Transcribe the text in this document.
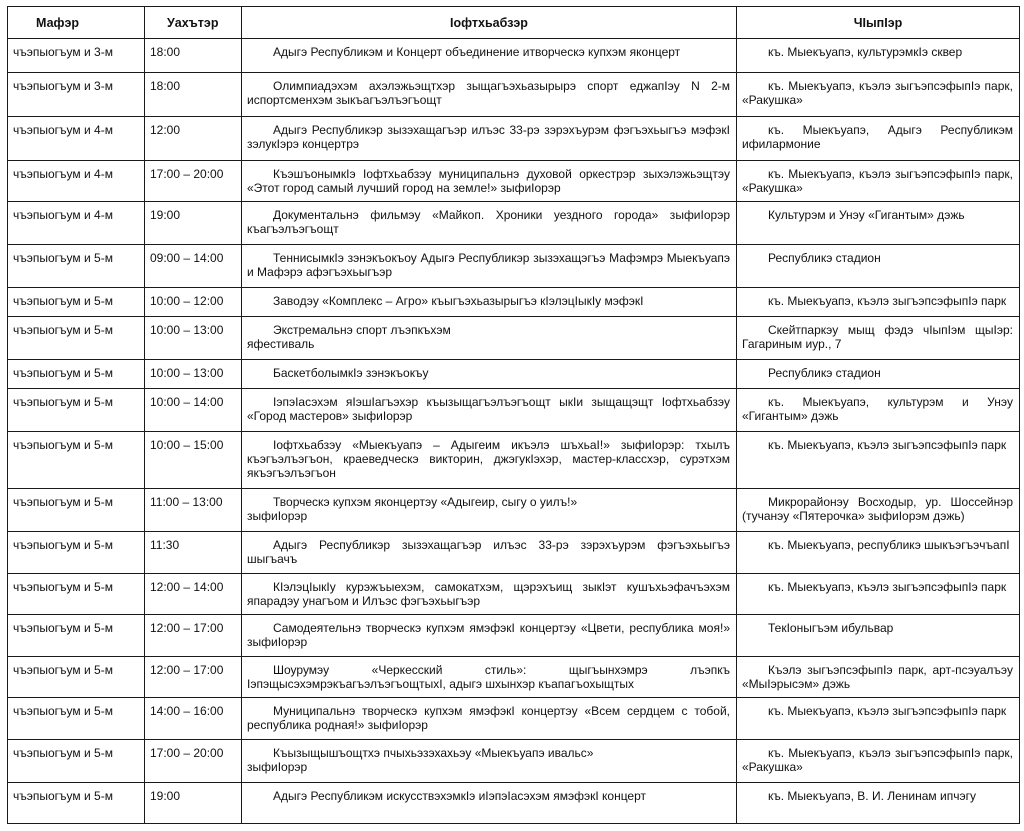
Мафэр	Уахътэр	Iофтхьабзэр	ЧIыпIэр
чъэпыогъум и 3-м	18:00	Адыгэ Республикэм и Концерт объединение итворческэ купхэм яконцерт	къ. Мыекъуапэ, культурэмкIэ сквер

чъэпыогъум и 3-м	18:00	Олимпиадэхэм ахэлэжьэщтхэр зыщагъэхьазырырэ спорт еджапIэу N 2-м испортсменхэм зыкъагъэлъэгъощт	къ. Мыекъуапэ, къэлэ зыгъэпсэфыпIэ парк, «Ракушка»

чъэпыогъум и 4-м	12:00	Адыгэ Республикэр зызэхащагъэр илъэс 33-рэ зэрэхъурэм фэгъэхьыгъэ мэфэкI зэлукIэрэ концертрэ	къ. Мыекъуапэ, Адыгэ Республикэм ифилармоние

чъэпыогъум и 4-м	17:00 – 20:00	КъэшъонымкIэ Iофтхьабзэу муниципальнэ духовой оркестрэр зыхэлэжьэщтэу «Этот город самый лучший город на земле!» зыфиIорэр	къ. Мыекъуапэ, къэлэ зыгъэпсэфыпIэ парк, «Ракушка»

чъэпыогъум и 4-м	19:00	Документальнэ фильмэу «Майкоп. Хроники уездного города» зыфиIорэр къагъэлъэгъощт	Культурэм и Унэу «Гигантым» дэжь

чъэпыогъум и 5-м	09:00 – 14:00	ТеннисымкIэ зэнэкъокъоу Адыгэ Республикэр зызэхащэгъэ Мафэмрэ Мыекъуапэ и Мафэрэ афэгъэхьыгъэр	Республикэ стадион

чъэпыогъум и 5-м	10:00 – 12:00	Заводэу «Комплекс – Агро» къыгъэхьазырыгъэ кIэлэцIыкIу мэфэкI	къ. Мыекъуапэ, къэлэ зыгъэпсэфыпIэ парк

чъэпыогъум и 5-м	10:00 – 13:00	Экстремальнэ спорт лъэпкъхэм
яфестиваль	Скейтпаркэу мыщ фэдэ чIыпIэм щыIэр: Гагариным иур., 7

чъэпыогъум и 5-м	10:00 – 13:00	БаскетболымкIэ зэнэкъокъу	Республикэ стадион

чъэпыогъум и 5-м	10:00 – 14:00	IэпэIасэхэм яIэшIагъэхэр къызыщагъэлъэгъощт ыкIи зыщащэщт Iофтхьабзэу «Город мастеров» зыфиIорэр	къ. Мыекъуапэ, культурэм и Унэу «Гигантым» дэжь

чъэпыогъум и 5-м	10:00 – 15:00	Iофтхьабзэу «Мыекъуапэ – Адыгеим икъэлэ шъхьаI!» зыфиIорэр: тхылъ къэгъэлъэгъон, краеведческэ викторин, джэгукIэхэр, мастер-классхэр, сурэтхэм якъэгъэлъэгъон	къ. Мыекъуапэ, къэлэ зыгъэпсэфыпIэ парк

чъэпыогъум и 5-м	11:00 – 13:00	Творческэ купхэм яконцертэу «Адыгеир, сыгу о уилъ!»
зыфиIорэр	Микрорайонэу Восходыр, ур. Шоссейнэр (тучанэу «Пятерочка» зыфиIорэм дэжь)

чъэпыогъум и 5-м	11:30	Адыгэ Республикэр зызэхащагъэр илъэс 33-рэ зэрэхъурэм фэгъэхьыгъэ шыгъачъ	къ. Мыекъуапэ, республикэ шыкъэгъэчъапI

чъэпыогъум и 5-м	12:00 – 14:00	КIэлэцIыкIу курэжъыехэм, самокатхэм, щэрэхъищ зыкIэт кушъхьэфачъэхэм япарадэу унагъом и Илъэс фэгъэхьыгъэр	къ. Мыекъуапэ, къэлэ зыгъэпсэфыпIэ парк

чъэпыогъум и 5-м	12:00 – 17:00	Самодеятельнэ творческэ купхэм ямэфэкI концертэу «Цвети, республика моя!» зыфиIорэр	ТекIоныгъэм ибульвар

чъэпыогъум и 5-м	12:00 – 17:00	Шоурумэу «Черкесский стиль»: щыгъынхэмрэ лъэпкъ IэпэщысэхэмрэкъагъэлъэгъощтыхI, адыгэ шхынхэр къапагъохыщтых	Къэлэ зыгъэпсэфыпIэ парк, арт-псэуалъэу «МыIэрысэм» дэжь

чъэпыогъум и 5-м	14:00 – 16:00	Муниципальнэ творческэ купхэм ямэфэкI концертэу «Всем сердцем с тобой, республика родная!» зыфиIорэр	къ. Мыекъуапэ, къэлэ зыгъэпсэфыпIэ парк

чъэпыогъум и 5-м	17:00 – 20:00	Къызыщышъощтхэ пчыхьэзэхахьэу «Мыекъуапэ ивальс»
зыфиIорэр	къ. Мыекъуапэ, къэлэ зыгъэпсэфыпIэ парк, «Ракушка»

чъэпыогъум и 5-м	19:00	Адыгэ Республикэм искусствэхэмкIэ иIэпэIасэхэм ямэфэкI концерт	къ. Мыекъуапэ, В. И. Ленинам ипчэгу
